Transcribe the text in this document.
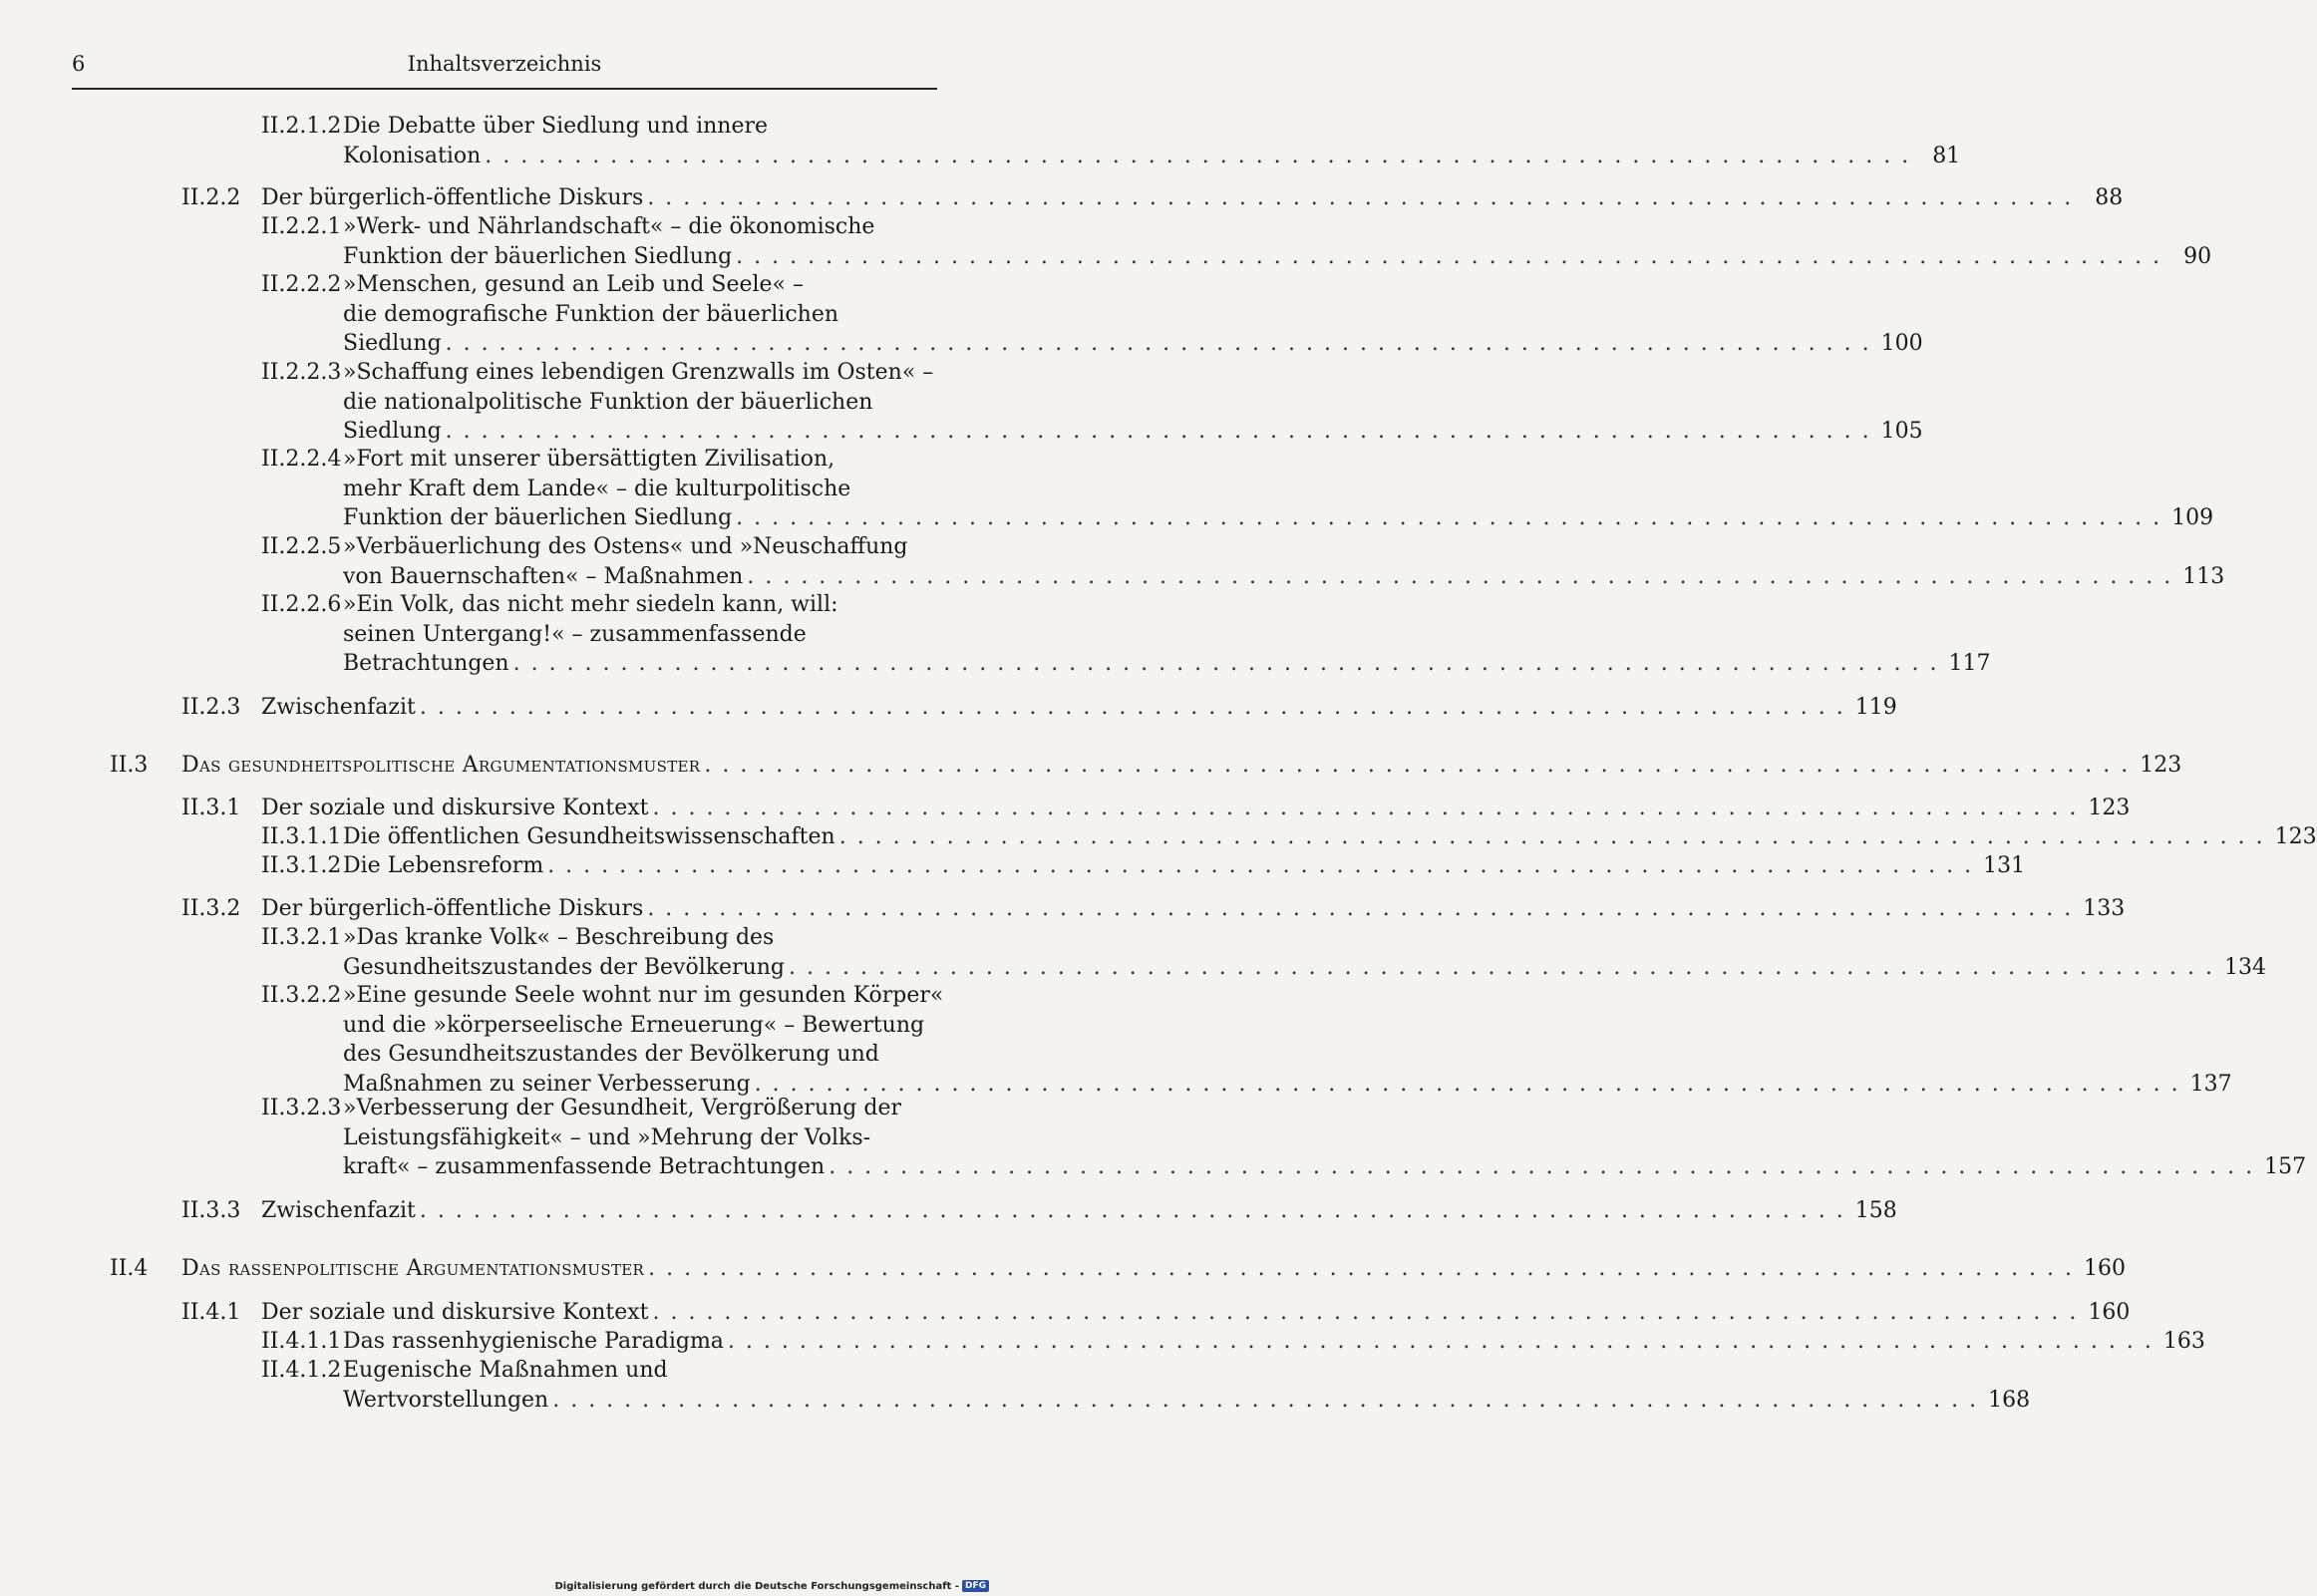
6	Inhaltsverzeichnis
II.2.1.2 Die Debatte über Siedlung und innere
Kolonisation . . . . . . . . . . . . . . . . . . . . . . . . . . . . . . . . . . . . . . . . . . . . . . . . . . . . . . . . . . . . . . . . . . . . . . . . . . . . . . . .	81
II.2.2 Der bürgerlich-öffentliche Diskurs . . . . . . . . . . . . . . . . . . . . . . . . . . . . . . . . . . . . . . . . . . . . . . . . . . . . . . . . . . . . . . . . . . . . . . . . . . . . . . . .	88
II.2.2.1 »Werk- und Nährlandschaft« – die ökonomische
Funktion der bäuerlichen Siedlung . . . . . . . . . . . . . . . . . . . . . . . . . . . . . . . . . . . . . . . . . . . . . . . . . . . . . . . . . . . . . . . . . . . . . . . . . . . . . . . .	90
II.2.2.2 »Menschen, gesund an Leib und Seele« –
die demografische Funktion der bäuerlichen
Siedlung . . . . . . . . . . . . . . . . . . . . . . . . . . . . . . . . . . . . . . . . . . . . . . . . . . . . . . . . . . . . . . . . . . . . . . . . . . . . . . . . 100
II.2.2.3 »Schaffung eines lebendigen Grenzwalls im Osten« –
die nationalpolitische Funktion der bäuerlichen
Siedlung . . . . . . . . . . . . . . . . . . . . . . . . . . . . . . . . . . . . . . . . . . . . . . . . . . . . . . . . . . . . . . . . . . . . . . . . . . . . . . . . 105
II.2.2.4 »Fort mit unserer übersättigten Zivilisation,
mehr Kraft dem Lande« – die kulturpolitische
Funktion der bäuerlichen Siedlung . . . . . . . . . . . . . . . . . . . . . . . . . . . . . . . . . . . . . . . . . . . . . . . . . . . . . . . . . . . . . . . . . . . . . . . . . . . . . . . . 109
II.2.2.5 »Verbäuerlichung des Ostens« und »Neuschaffung
von Bauernschaften« – Maßnahmen . . . . . . . . . . . . . . . . . . . . . . . . . . . . . . . . . . . . . . . . . . . . . . . . . . . . . . . . . . . . . . . . . . . . . . . . . . . . . . . . 113
II.2.2.6 »Ein Volk, das nicht mehr siedeln kann, will:
seinen Untergang!« – zusammenfassende
Betrachtungen . . . . . . . . . . . . . . . . . . . . . . . . . . . . . . . . . . . . . . . . . . . . . . . . . . . . . . . . . . . . . . . . . . . . . . . . . . . . . . . . 117
II.2.3 Zwischenfazit . . . . . . . . . . . . . . . . . . . . . . . . . . . . . . . . . . . . . . . . . . . . . . . . . . . . . . . . . . . . . . . . . . . . . . . . . . . . . . . . 119
II.3 Das gesundheitspolitische Argumentationsmuster . . . . . . . . . . . . . . . . . . . . . . . . . . . . . . . . . . . . . . . . . . . . . . . . . . . . . . . . . . . . . . . . . . . . . . . . . . . . . . . . 123
II.3.1 Der soziale und diskursive Kontext . . . . . . . . . . . . . . . . . . . . . . . . . . . . . . . . . . . . . . . . . . . . . . . . . . . . . . . . . . . . . . . . . . . . . . . . . . . . . . . . 123
II.3.1.1 Die öffentlichen Gesundheitswissenschaften . . . . . . . . . . . . . . . . . . . . . . . . . . . . . . . . . . . . . . . . . . . . . . . . . . . . . . . . . . . . . . . . . . . . . . . . . . . . . . . . 123
II.3.1.2 Die Lebensreform . . . . . . . . . . . . . . . . . . . . . . . . . . . . . . . . . . . . . . . . . . . . . . . . . . . . . . . . . . . . . . . . . . . . . . . . . . . . . . . . 131
II.3.2 Der bürgerlich-öffentliche Diskurs . . . . . . . . . . . . . . . . . . . . . . . . . . . . . . . . . . . . . . . . . . . . . . . . . . . . . . . . . . . . . . . . . . . . . . . . . . . . . . . . 133
II.3.2.1 »Das kranke Volk« – Beschreibung des
Gesundheitszustandes der Bevölkerung . . . . . . . . . . . . . . . . . . . . . . . . . . . . . . . . . . . . . . . . . . . . . . . . . . . . . . . . . . . . . . . . . . . . . . . . . . . . . . . . 134
II.3.2.2 »Eine gesunde Seele wohnt nur im gesunden Körper«
und die »körperseelische Erneuerung« – Bewertung
des Gesundheitszustandes der Bevölkerung und
Maßnahmen zu seiner Verbesserung . . . . . . . . . . . . . . . . . . . . . . . . . . . . . . . . . . . . . . . . . . . . . . . . . . . . . . . . . . . . . . . . . . . . . . . . . . . . . . . . 137
II.3.2.3 »Verbesserung der Gesundheit, Vergrößerung der
Leistungsfähigkeit« – und »Mehrung der Volks-
kraft« – zusammenfassende Betrachtungen . . . . . . . . . . . . . . . . . . . . . . . . . . . . . . . . . . . . . . . . . . . . . . . . . . . . . . . . . . . . . . . . . . . . . . . . . . . . . . . . 157
II.3.3 Zwischenfazit . . . . . . . . . . . . . . . . . . . . . . . . . . . . . . . . . . . . . . . . . . . . . . . . . . . . . . . . . . . . . . . . . . . . . . . . . . . . . . . . 158
II.4 Das rassenpolitische Argumentationsmuster . . . . . . . . . . . . . . . . . . . . . . . . . . . . . . . . . . . . . . . . . . . . . . . . . . . . . . . . . . . . . . . . . . . . . . . . . . . . . . . . 160
II.4.1 Der soziale und diskursive Kontext . . . . . . . . . . . . . . . . . . . . . . . . . . . . . . . . . . . . . . . . . . . . . . . . . . . . . . . . . . . . . . . . . . . . . . . . . . . . . . . . 160
II.4.1.1 Das rassenhygienische Paradigma . . . . . . . . . . . . . . . . . . . . . . . . . . . . . . . . . . . . . . . . . . . . . . . . . . . . . . . . . . . . . . . . . . . . . . . . . . . . . . . . 163
II.4.1.2 Eugenische Maßnahmen und
Wertvorstellungen . . . . . . . . . . . . . . . . . . . . . . . . . . . . . . . . . . . . . . . . . . . . . . . . . . . . . . . . . . . . . . . . . . . . . . . . . . . . . . . . 168
Digitalisierung gefördert durch die Deutsche Forschungsgemeinschaft - DFG
